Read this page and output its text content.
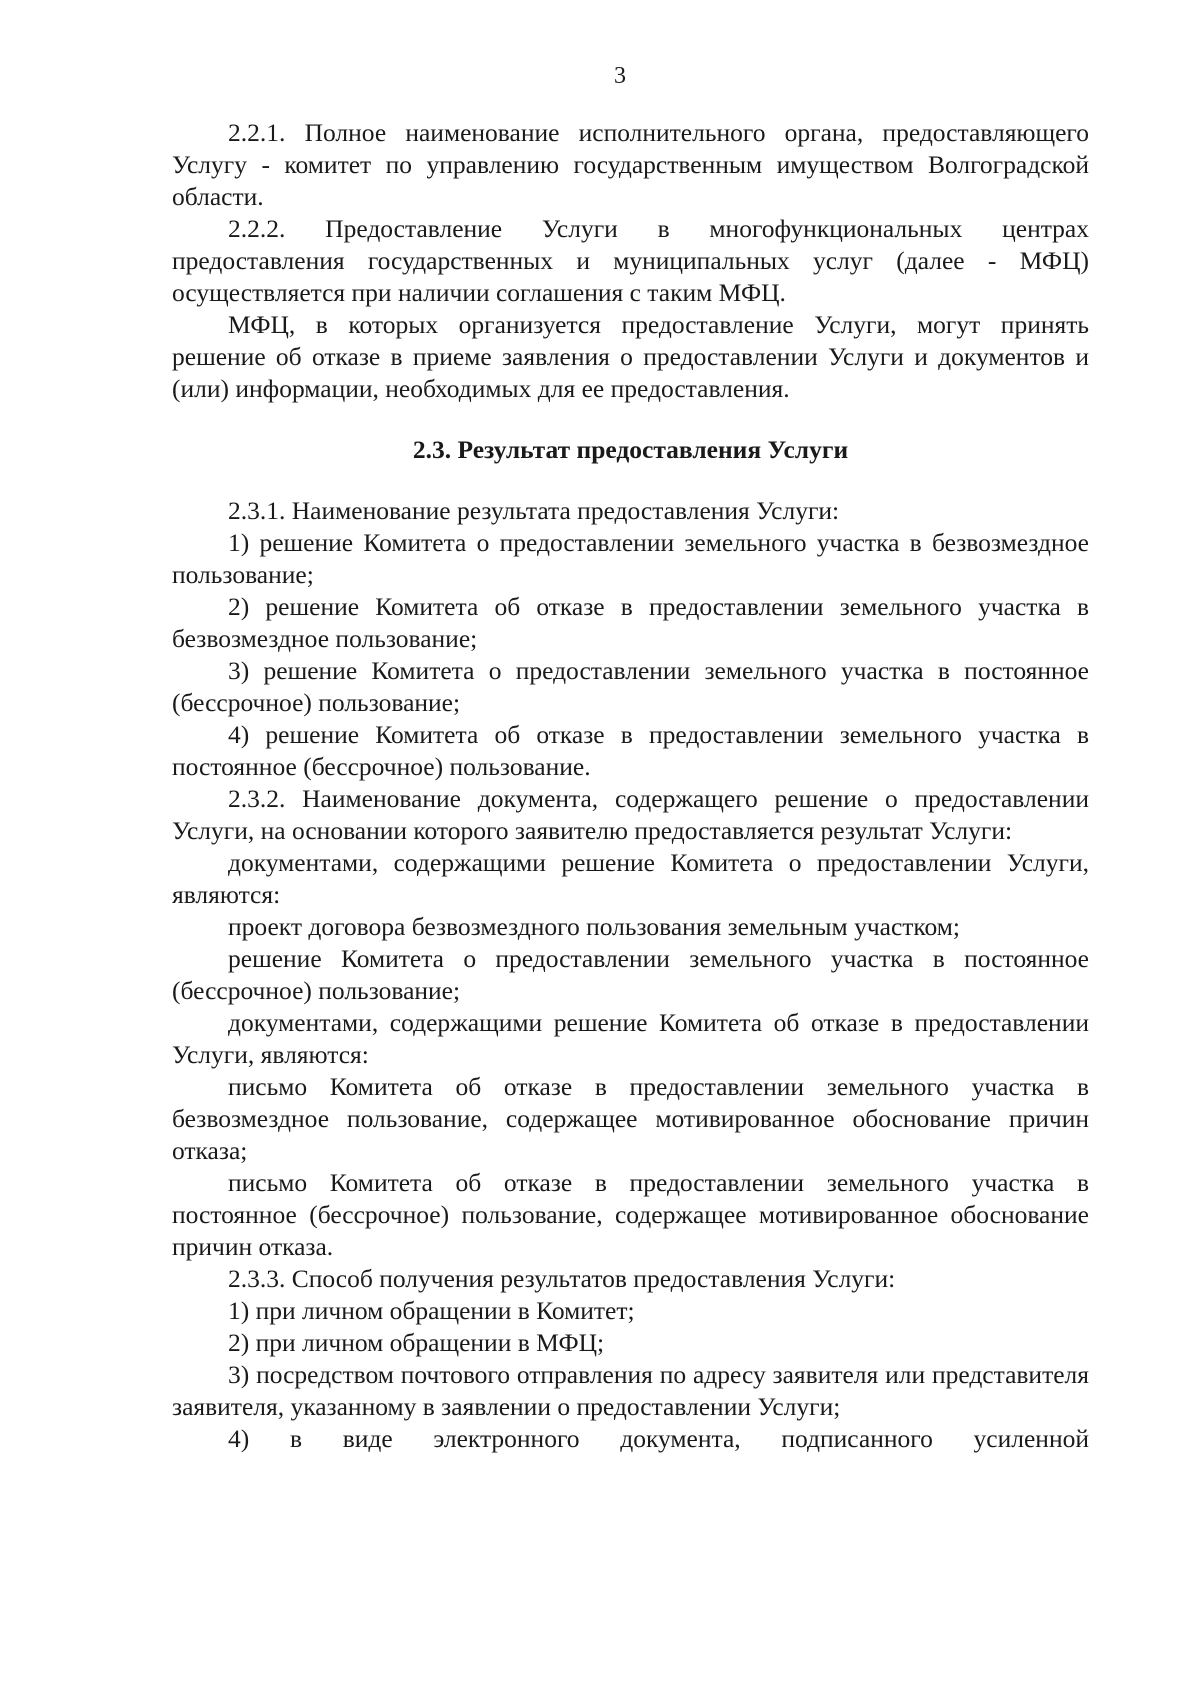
3

2.2.1. Полное наименование исполнительного органа, предоставляющего Услугу - комитет по управлению государственным имуществом Волгоградской области.

2.2.2. Предоставление Услуги в многофункциональных центрах предоставления государственных и муниципальных услуг (далее - МФЦ) осуществляется при наличии соглашения с таким МФЦ.

МФЦ, в которых организуется предоставление Услуги, могут принять решение об отказе в приеме заявления о предоставлении Услуги и документов и (или) информации, необходимых для ее предоставления.

2.3. Результат предоставления Услуги

2.3.1. Наименование результата предоставления Услуги:

1) решение Комитета о предоставлении земельного участка в безвозмездное пользование;

2) решение Комитета об отказе в предоставлении земельного участка в безвозмездное пользование;

3) решение Комитета о предоставлении земельного участка в постоянное (бессрочное) пользование;

4) решение Комитета об отказе в предоставлении земельного участка в постоянное (бессрочное) пользование.

2.3.2. Наименование документа, содержащего решение о предоставлении Услуги, на основании которого заявителю предоставляется результат Услуги:

документами, содержащими решение Комитета о предоставлении Услуги, являются:

проект договора безвозмездного пользования земельным участком;

решение Комитета о предоставлении земельного участка в постоянное (бессрочное) пользование;

документами, содержащими решение Комитета об отказе в предоставлении Услуги, являются:

письмо Комитета об отказе в предоставлении земельного участка в безвозмездное пользование, содержащее мотивированное обоснование причин отказа;

письмо Комитета об отказе в предоставлении земельного участка в постоянное (бессрочное) пользование, содержащее мотивированное обоснование причин отказа.

2.3.3. Способ получения результатов предоставления Услуги:

1) при личном обращении в Комитет;

2) при личном обращении в МФЦ;

3) посредством почтового отправления по адресу заявителя или представителя заявителя, указанному в заявлении о предоставлении Услуги;

4) в виде электронного документа, подписанного усиленной
